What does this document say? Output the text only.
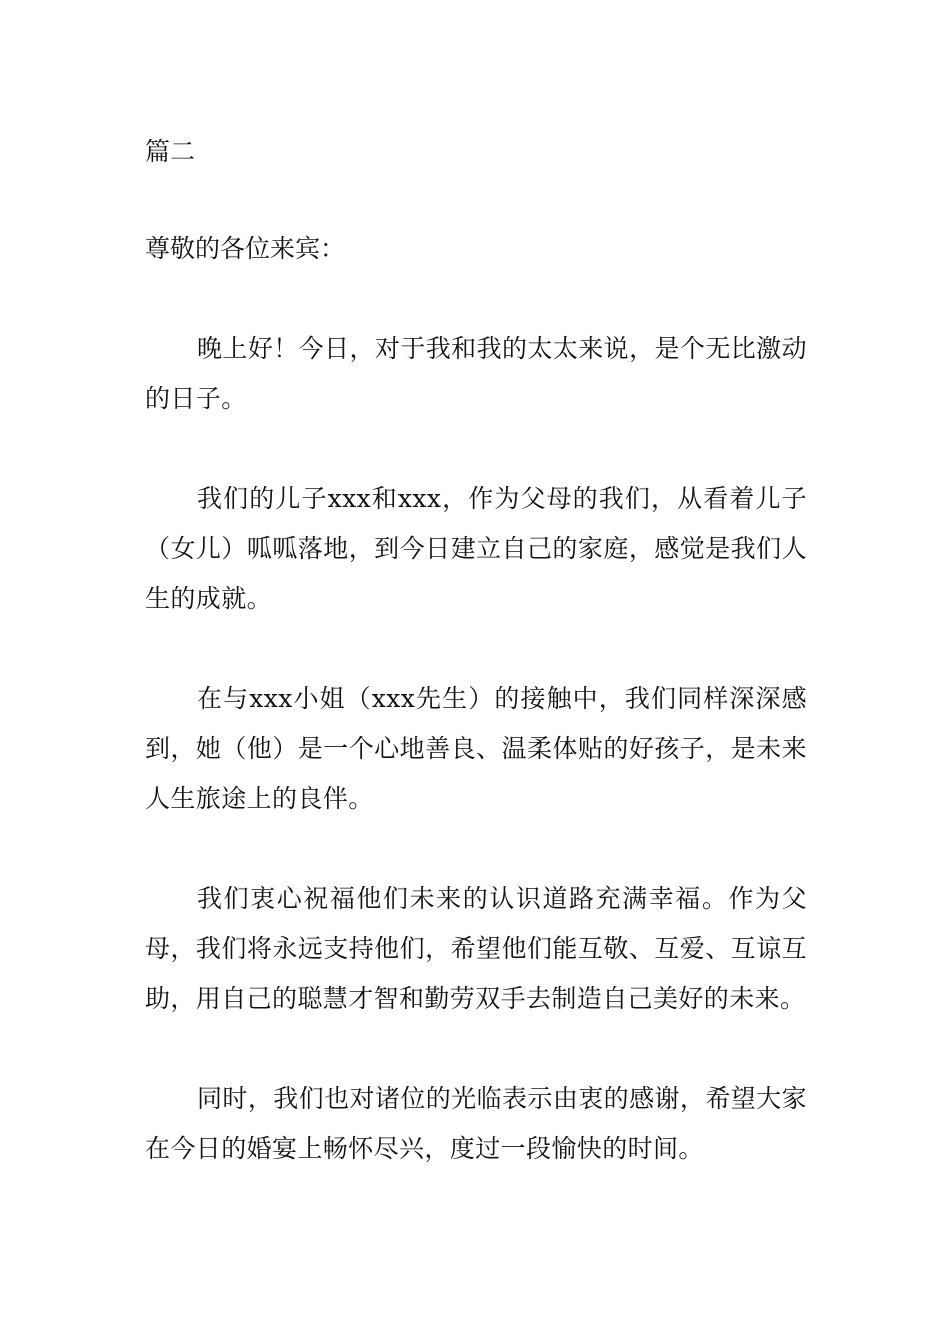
篇二
尊敬的各位来宾：

晚上好！今日，对于我和我的太太来说，是个无比激动的日子。

我们的儿子xxx和xxx，作为父母的我们，从看着儿子（女儿）呱呱落地，到今日建立自己的家庭，感觉是我们人生的成就。

在与xxx小姐（xxx先生）的接触中，我们同样深深感到，她（他）是一个心地善良、温柔体贴的好孩子，是未来人生旅途上的良伴。

我们衷心祝福他们未来的认识道路充满幸福。作为父母，我们将永远支持他们，希望他们能互敬、互爱、互谅互助，用自己的聪慧才智和勤劳双手去制造自己美好的未来。

同时，我们也对诸位的光临表示由衷的感谢，希望大家在今日的婚宴上畅怀尽兴，度过一段愉快的时间。
